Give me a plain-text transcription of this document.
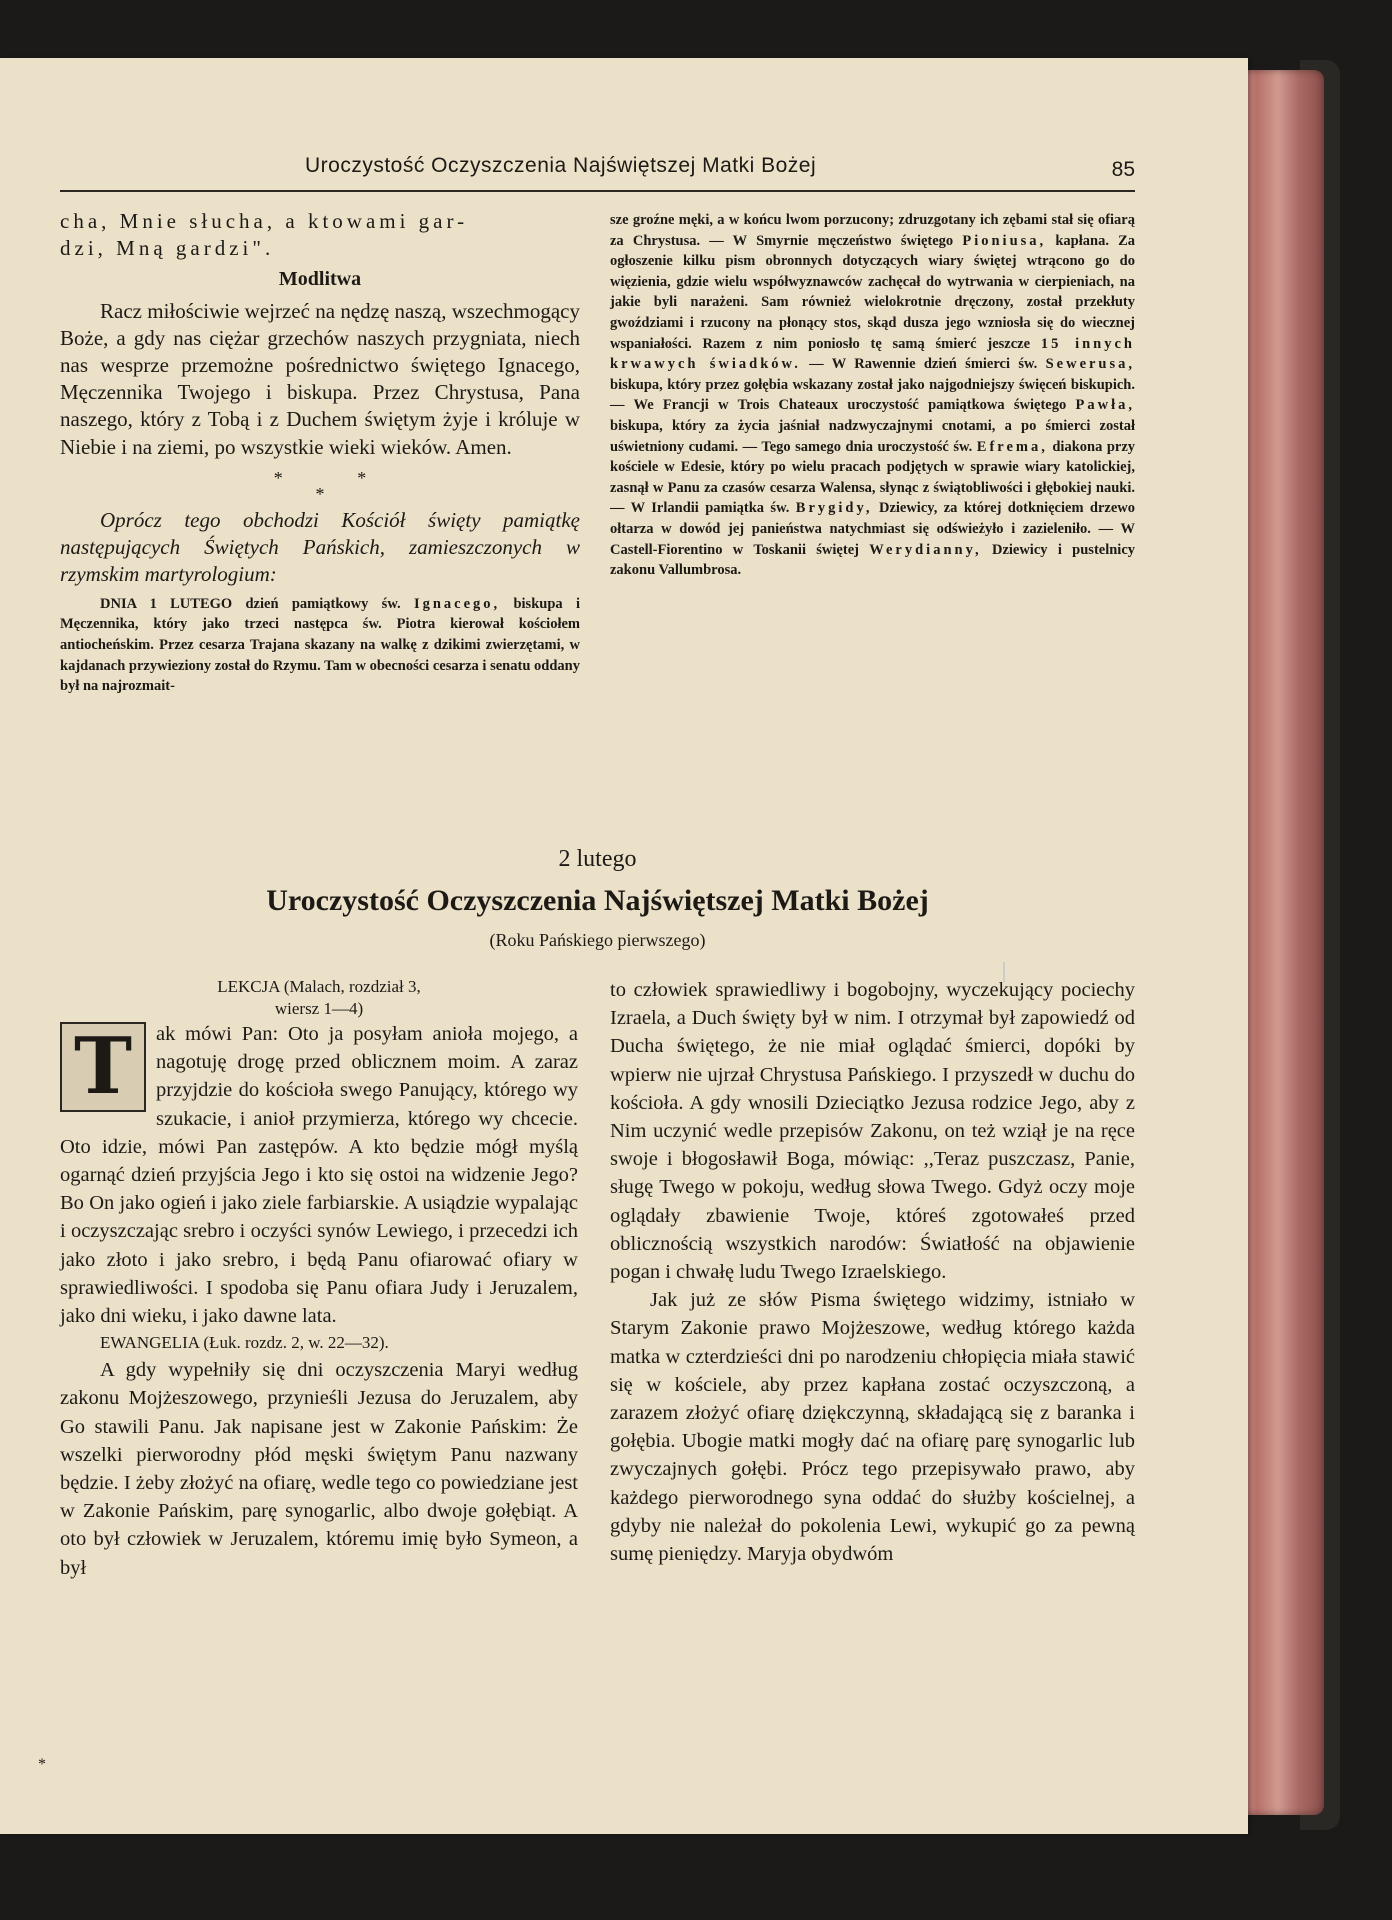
Uroczystość Oczyszczenia Najświętszej Matki Bożej	85

cha, Mnie słucha, a ktowami gar-

dzi, Mną gardzi".

Modlitwa

Racz miłościwie wejrzeć na nędzę naszą, wszechmogący Boże, a gdy nas ciężar grzechów naszych przygniata, niech nas wesprze przemożne pośrednictwo świętego Ignacego, Męczennika Twojego i biskupa. Przez Chrystusa, Pana naszego, który z Tobą i z Duchem świętym żyje i króluje w Niebie i na ziemi, po wszystkie wieki wieków. Amen.

* *

*

Oprócz tego obchodzi Kościół święty pamiątkę następujących Świętych Pańskich, zamieszczonych w rzymskim martyrologium:

DNIA 1 LUTEGO dzień pamiątkowy św. Ignacego, biskupa i Męczennika, który jako trzeci następca św. Piotra kierował kościołem antiocheńskim. Przez cesarza Trajana skazany na walkę z dzikimi zwierzętami, w kajdanach przywieziony został do Rzymu. Tam w obecności cesarza i senatu oddany był na najrozmait-

sze groźne męki, a w końcu lwom porzucony; zdruzgotany ich zębami stał się ofiarą za Chrystusa. — W Smyrnie męczeństwo świętego Pioniusa, kapłana. Za ogłoszenie kilku pism obronnych dotyczących wiary świętej wtrącono go do więzienia, gdzie wielu współwyznawców zachęcał do wytrwania w cierpieniach, na jakie byli narażeni. Sam również wielokrotnie dręczony, został przekłuty gwoździami i rzucony na płonący stos, skąd dusza jego wzniosła się do wiecznej wspaniałości. Razem z nim poniosło tę samą śmierć jeszcze 15 innych krwawych świadków. — W Rawennie dzień śmierci św. Sewerusa, biskupa, który przez gołębia wskazany został jako najgodniejszy święceń biskupich. — We Francji w Trois Chateaux uroczystość pamiątkowa świętego Pawła, biskupa, który za życia jaśniał nadzwyczajnymi cnotami, a po śmierci został uświetniony cudami. — Tego samego dnia uroczystość św. Efrema, diakona przy kościele w Edesie, który po wielu pracach podjętych w sprawie wiary katolickiej, zasnął w Panu za czasów cesarza Walensa, słynąc z świątobliwości i głębokiej nauki. — W Irlandii pamiątka św. Brygidy, Dziewicy, za której dotknięciem drzewo ołtarza w dowód jej panieństwa natychmiast się odświeżyło i zazieleniło. — W Castell-Fiorentino w Toskanii świętej Werydianny, Dziewicy i pustelnicy zakonu Vallumbrosa.

2 lutego
Uroczystość Oczyszczenia Najświętszej Matki Bożej
(Roku Pańskiego pierwszego)

LEKCJA (Malach, rozdział 3,

wiersz 1—4)

T	ak mówi Pan: Oto ja posyłam anioła mojego, a nagotuję drogę przed oblicznem moim. A zaraz przyjdzie do kościoła swego Panujący, którego wy szukacie, i anioł przymierza, którego wy chcecie. Oto idzie, mówi Pan zastępów. A kto będzie mógł myślą ogarnąć dzień przyjścia Jego i kto się ostoi na widzenie Jego? Bo On jako ogień i jako ziele farbiarskie. A usiądzie wypalając i oczyszczając srebro i oczyści synów Lewiego, i przecedzi ich jako złoto i jako srebro, i będą Panu ofiarować ofiary w sprawiedliwości. I spodoba się Panu ofiara Judy i Jeruzalem, jako dni wieku, i jako dawne lata.

EWANGELIA (Łuk. rozdz. 2, w. 22—32).

A gdy wypełniły się dni oczyszczenia Maryi według zakonu Mojżeszowego, przynieśli Jezusa do Jeruzalem, aby Go stawili Panu. Jak napisane jest w Zakonie Pańskim: Że wszelki pierworodny płód męski świętym Panu nazwany będzie. I żeby złożyć na ofiarę, wedle tego co powiedziane jest w Zakonie Pańskim, parę synogarlic, albo dwoje gołębiąt. A oto był człowiek w Jeruzalem, któremu imię było Symeon, a był

to człowiek sprawiedliwy i bogobojny, wyczekujący pociechy Izraela, a Duch święty był w nim. I otrzymał był zapowiedź od Ducha świętego, że nie miał oglądać śmierci, dopóki by wpierw nie ujrzał Chrystusa Pańskiego. I przyszedł w duchu do kościoła. A gdy wnosili Dzieciątko Jezusa rodzice Jego, aby z Nim uczynić wedle przepisów Zakonu, on też wziął je na ręce swoje i błogosławił Boga, mówiąc: ,,Teraz puszczasz, Panie, sługę Twego w pokoju, według słowa Twego. Gdyż oczy moje oglądały zbawienie Twoje, któreś zgotowałeś przed oblicznością wszystkich narodów: Światłość na objawienie pogan i chwałę ludu Twego Izraelskiego.

Jak już ze słów Pisma świętego widzimy, istniało w Starym Zakonie prawo Mojżeszowe, według którego każda matka w czterdzieści dni po narodzeniu chłopięcia miała stawić się w kościele, aby przez kapłana zostać oczyszczoną, a zarazem złożyć ofiarę dziękczynną, składającą się z baranka i gołębia. Ubogie matki mogły dać na ofiarę parę synogarlic lub zwyczajnych gołębi. Prócz tego przepisywało prawo, aby każdego pierworodnego syna oddać do służby kościelnej, a gdyby nie należał do pokolenia Lewi, wykupić go za pewną sumę pieniędzy. Maryja obydwóm

*
